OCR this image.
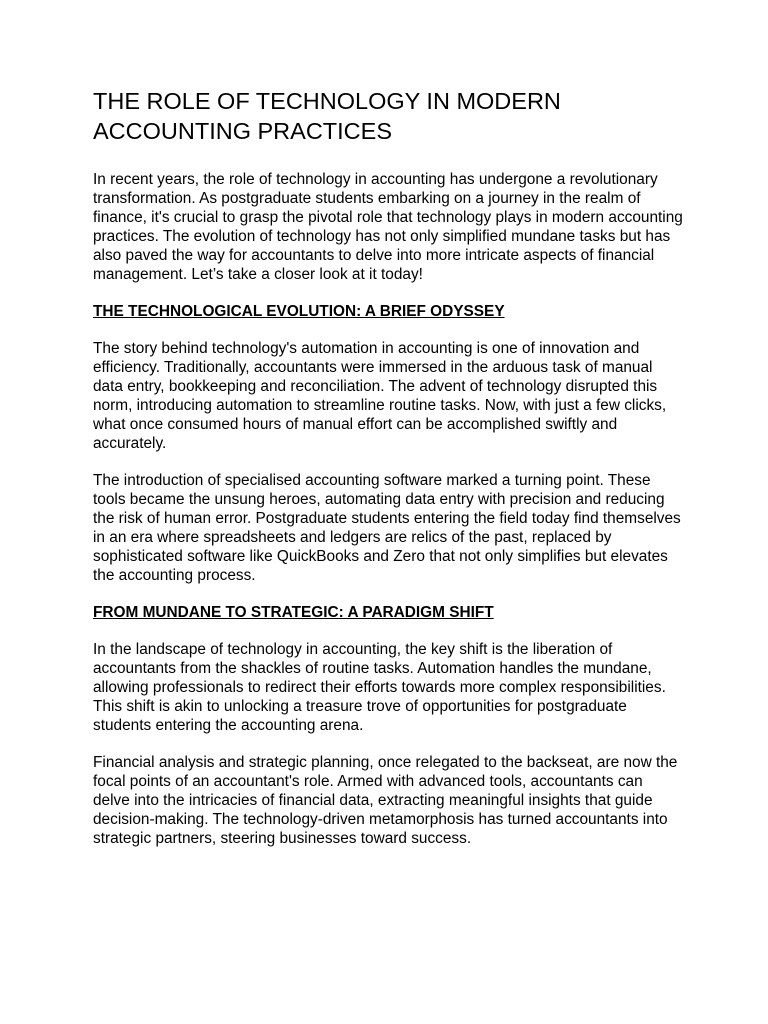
THE ROLE OF TECHNOLOGY IN MODERN ACCOUNTING PRACTICES

In recent years, the role of technology in accounting has undergone a revolutionary transformation. As postgraduate students embarking on a journey in the realm of finance, it's crucial to grasp the pivotal role that technology plays in modern accounting practices. The evolution of technology has not only simplified mundane tasks but has also paved the way for accountants to delve into more intricate aspects of financial management. Let’s take a closer look at it today!

THE TECHNOLOGICAL EVOLUTION: A BRIEF ODYSSEY

The story behind technology's automation in accounting is one of innovation and efficiency. Traditionally, accountants were immersed in the arduous task of manual data entry, bookkeeping and reconciliation. The advent of technology disrupted this norm, introducing automation to streamline routine tasks. Now, with just a few clicks, what once consumed hours of manual effort can be accomplished swiftly and accurately.

The introduction of specialised accounting software marked a turning point. These tools became the unsung heroes, automating data entry with precision and reducing the risk of human error. Postgraduate students entering the field today find themselves in an era where spreadsheets and ledgers are relics of the past, replaced by sophisticated software like QuickBooks and Zero that not only simplifies but elevates the accounting process.

FROM MUNDANE TO STRATEGIC: A PARADIGM SHIFT

In the landscape of technology in accounting, the key shift is the liberation of accountants from the shackles of routine tasks. Automation handles the mundane, allowing professionals to redirect their efforts towards more complex responsibilities. This shift is akin to unlocking a treasure trove of opportunities for postgraduate students entering the accounting arena.

Financial analysis and strategic planning, once relegated to the backseat, are now the focal points of an accountant's role. Armed with advanced tools, accountants can delve into the intricacies of financial data, extracting meaningful insights that guide decision-making. The technology-driven metamorphosis has turned accountants into strategic partners, steering businesses toward success.
